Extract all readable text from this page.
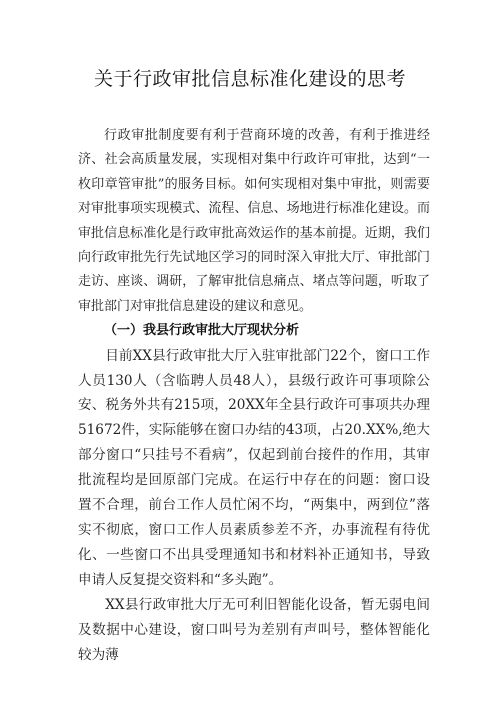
关于行政审批信息标准化建设的思考

行政审批制度要有利于营商环境的改善，有利于推进经济、社会高质量发展，实现相对集中行政许可审批，达到“一枚印章管审批”的服务目标。如何实现相对集中审批，则需要对审批事项实现模式、流程、信息、场地进行标准化建设。而审批信息标准化是行政审批高效运作的基本前提。近期，我们向行政审批先行先试地区学习的同时深入审批大厅、审批部门走访、座谈、调研，了解审批信息痛点、堵点等问题，听取了审批部门对审批信息建设的建议和意见。

（一）我县行政审批大厅现状分析

目前XX县行政审批大厅入驻审批部门22个，窗口工作人员130人（含临聘人员48人），县级行政许可事项除公安、税务外共有215项，20XX年全县行政许可事项共办理51672件，实际能够在窗口办结的43项，占20.XX%,绝大部分窗口“只挂号不看病”，仅起到前台接件的作用，其审批流程均是回原部门完成。在运行中存在的问题：窗口设置不合理，前台工作人员忙闲不均，“两集中，两到位”落实不彻底，窗口工作人员素质参差不齐，办事流程有待优化、一些窗口不出具受理通知书和材料补正通知书，导致申请人反复提交资料和“多头跑”。

XX县行政审批大厅无可利旧智能化设备，暂无弱电间及数据中心建设，窗口叫号为差别有声叫号，整体智能化较为薄
